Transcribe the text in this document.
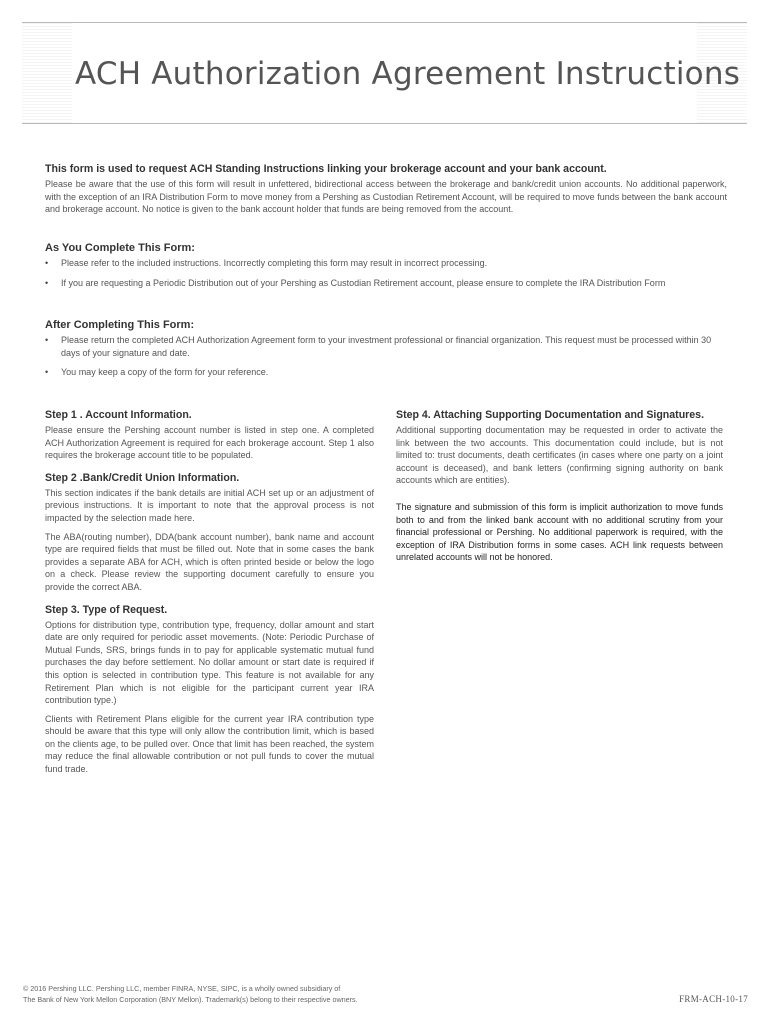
ACH Authorization Agreement Instructions
This form is used to request ACH Standing Instructions linking your brokerage account and your bank account.

Please be aware that the use of this form will result in unfettered, bidirectional access between the brokerage and bank/credit union accounts. No additional paperwork, with the exception of an IRA Distribution Form to move money from a Pershing as Custodian Retirement Account, will be required to move funds between the bank account and brokerage account. No notice is given to the bank account holder that funds are being removed from the account.

As You Complete This Form:
• Please refer to the included instructions. Incorrectly completing this form may result in incorrect processing.
• If you are requesting a Periodic Distribution out of your Pershing as Custodian Retirement account, please ensure to complete the IRA Distribution Form
After Completing This Form:
• Please return the completed ACH Authorization Agreement form to your investment professional or financial organization. This request must be processed within 30 days of your signature and date.
• You may keep a copy of the form for your reference.
Step 1 . Account Information.

Please ensure the Pershing account number is listed in step one. A completed ACH Authorization Agreement is required for each brokerage account. Step 1 also requires the brokerage account title to be populated.

Step 2 .Bank/Credit Union Information.

This section indicates if the bank details are initial ACH set up or an adjustment of previous instructions. It is important to note that the approval process is not impacted by the selection made here.

The ABA(routing number), DDA(bank account number), bank name and account type are required fields that must be filled out. Note that in some cases the bank provides a separate ABA for ACH, which is often printed beside or below the logo on a check. Please review the supporting document carefully to ensure you provide the correct ABA.

Step 3. Type of Request.

Options for distribution type, contribution type, frequency, dollar amount and start date are only required for periodic asset movements. (Note: Periodic Purchase of Mutual Funds, SRS, brings funds in to pay for applicable systematic mutual fund purchases the day before settlement. No dollar amount or start date is required if this option is selected in contribution type. This feature is not available for any Retirement Plan which is not eligible for the participant current year IRA contribution type.)

Clients with Retirement Plans eligible for the current year IRA contribution type should be aware that this type will only allow the contribution limit, which is based on the clients age, to be pulled over. Once that limit has been reached, the system may reduce the final allowable contribution or not pull funds to cover the mutual fund trade.

Step 4. Attaching Supporting Documentation and Signatures.

Additional supporting documentation may be requested in order to activate the link between the two accounts. This documentation could include, but is not limited to: trust documents, death certificates (in cases where one party on a joint account is deceased), and bank letters (confirming signing authority on bank accounts which are entities).

The signature and submission of this form is implicit authorization to move funds both to and from the linked bank account with no additional scrutiny from your financial professional or Pershing. No additional paperwork is required, with the exception of IRA Distribution forms in some cases. ACH link requests between unrelated accounts will not be honored.

© 2016 Pershing LLC. Pershing LLC, member FINRA, NYSE, SIPC, is a wholly owned subsidiary of
The Bank of New York Mellon Corporation (BNY Mellon). Trademark(s) belong to their respective owners.	FRM-ACH-10-17
